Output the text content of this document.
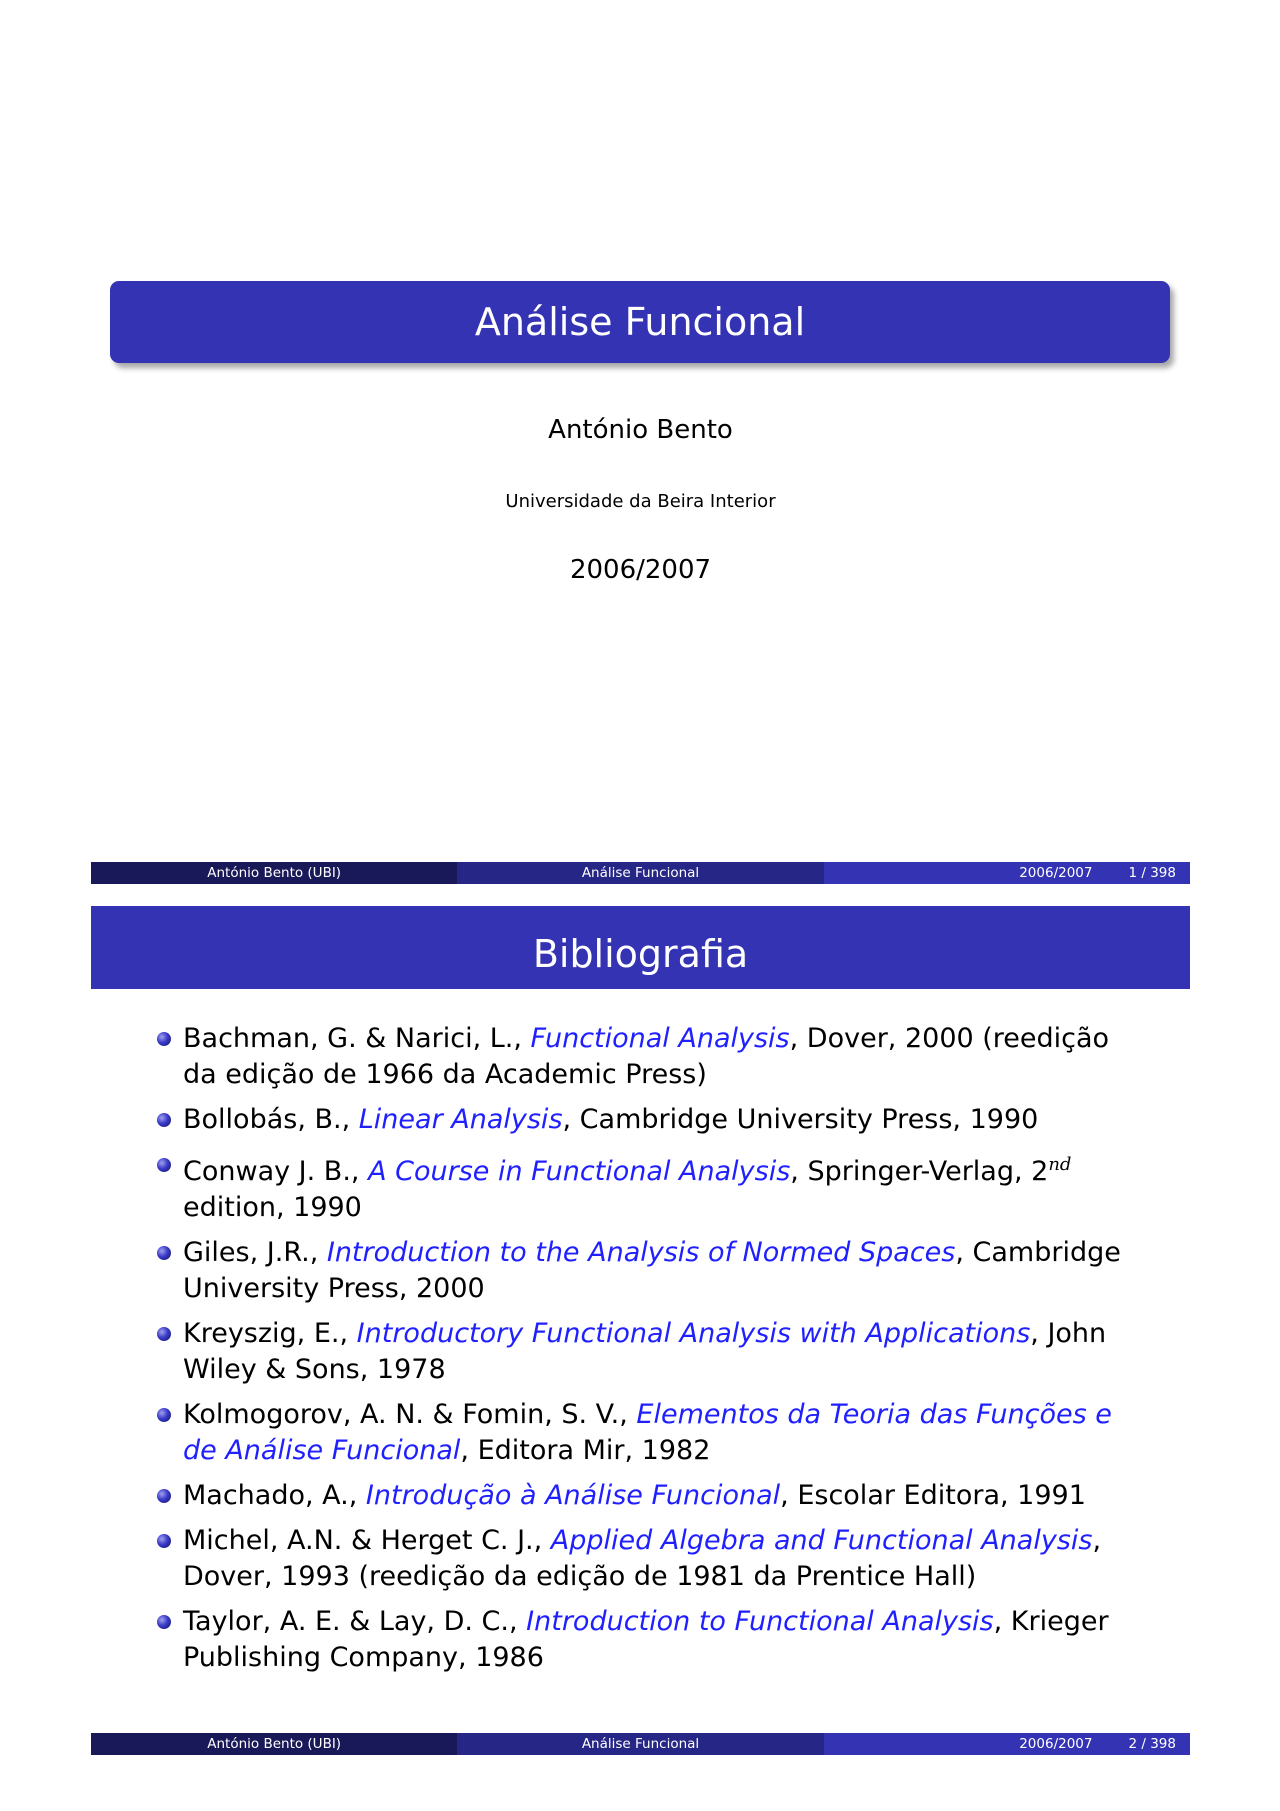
Análise Funcional
António Bento
Universidade da Beira Interior
2006/2007
António Bento (UBI)	Análise Funcional	2006/2007	1 / 398
Bibliografia
Bachman, G. & Narici, L., Functional Analysis, Dover, 2000 (reedição da edição de 1966 da Academic Press)
Bollobás, B., Linear Analysis, Cambridge University Press, 1990
Conway J. B., A Course in Functional Analysis, Springer-Verlag, 2nd edition, 1990
Giles, J.R., Introduction to the Analysis of Normed Spaces, Cambridge University Press, 2000
Kreyszig, E., Introductory Functional Analysis with Applications, John Wiley & Sons, 1978
Kolmogorov, A. N. & Fomin, S. V., Elementos da Teoria das Funções e de Análise Funcional, Editora Mir, 1982
Machado, A., Introdução à Análise Funcional, Escolar Editora, 1991
Michel, A.N. & Herget C. J., Applied Algebra and Functional Analysis, Dover, 1993 (reedição da edição de 1981 da Prentice Hall)
Taylor, A. E. & Lay, D. C., Introduction to Functional Analysis, Krieger Publishing Company, 1986
António Bento (UBI)	Análise Funcional	2006/2007	2 / 398
